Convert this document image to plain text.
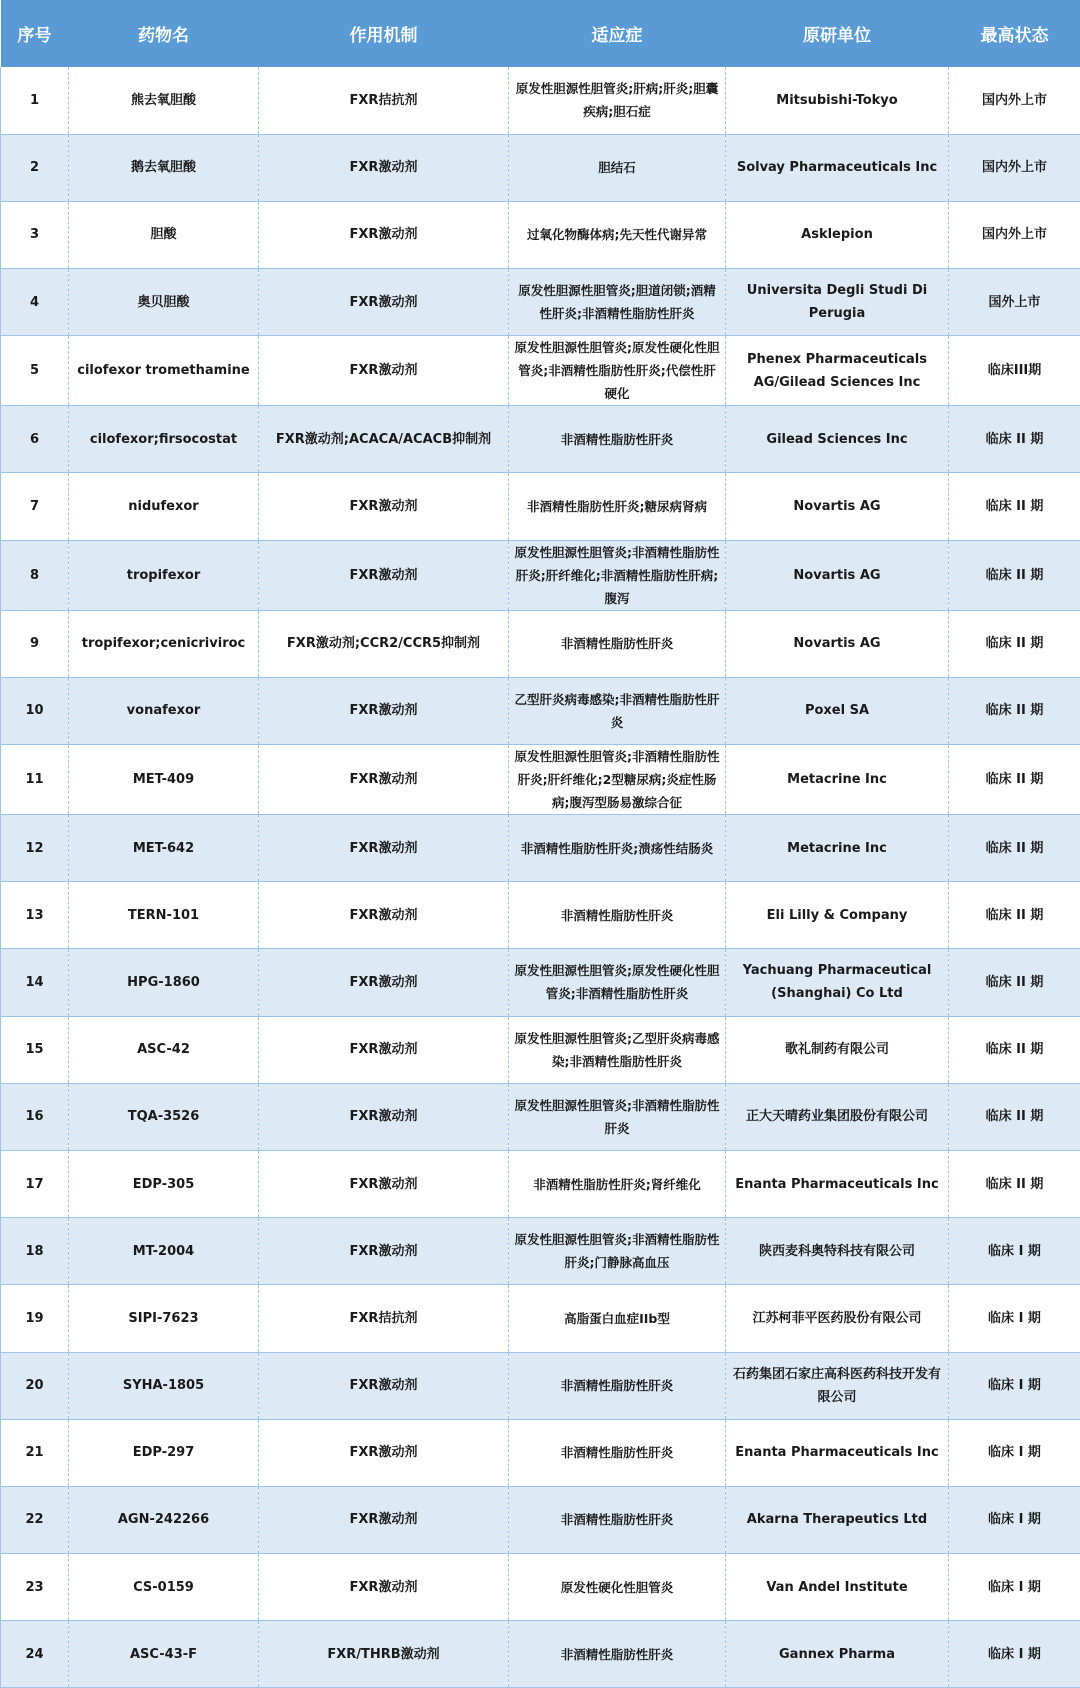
序号	药物名	作用机制	适应症	原研单位	最高状态
1	熊去氧胆酸	FXR拮抗剂	原发性胆源性胆管炎;肝病;肝炎;胆囊疾病;胆石症	Mitsubishi-Tokyo	国内外上市
2	鹅去氧胆酸	FXR激动剂	胆结石	Solvay Pharmaceuticals Inc	国内外上市
3	胆酸	FXR激动剂	过氧化物酶体病;先天性代谢异常	Asklepion	国内外上市
4	奥贝胆酸	FXR激动剂	原发性胆源性胆管炎;胆道闭锁;酒精性肝炎;非酒精性脂肪性肝炎	Universita Degli Studi Di Perugia	国外上市
5	cilofexor tromethamine	FXR激动剂	原发性胆源性胆管炎;原发性硬化性胆管炎;非酒精性脂肪性肝炎;代偿性肝硬化	Phenex Pharmaceuticals AG/Gilead Sciences Inc	临床III期
6	cilofexor;firsocostat	FXR激动剂;ACACA/ACACB抑制剂	非酒精性脂肪性肝炎	Gilead Sciences Inc	临床 II 期
7	nidufexor	FXR激动剂	非酒精性脂肪性肝炎;糖尿病肾病	Novartis AG	临床 II 期
8	tropifexor	FXR激动剂	原发性胆源性胆管炎;非酒精性脂肪性肝炎;肝纤维化;非酒精性脂肪性肝病;腹泻	Novartis AG	临床 II 期
9	tropifexor;cenicriviroc	FXR激动剂;CCR2/CCR5抑制剂	非酒精性脂肪性肝炎	Novartis AG	临床 II 期
10	vonafexor	FXR激动剂	乙型肝炎病毒感染;非酒精性脂肪性肝炎	Poxel SA	临床 II 期
11	MET-409	FXR激动剂	原发性胆源性胆管炎;非酒精性脂肪性肝炎;肝纤维化;2型糖尿病;炎症性肠病;腹泻型肠易激综合征	Metacrine Inc	临床 II 期
12	MET-642	FXR激动剂	非酒精性脂肪性肝炎;溃疡性结肠炎	Metacrine Inc	临床 II 期
13	TERN-101	FXR激动剂	非酒精性脂肪性肝炎	Eli Lilly & Company	临床 II 期
14	HPG-1860	FXR激动剂	原发性胆源性胆管炎;原发性硬化性胆管炎;非酒精性脂肪性肝炎	Yachuang Pharmaceutical (Shanghai) Co Ltd	临床 II 期
15	ASC-42	FXR激动剂	原发性胆源性胆管炎;乙型肝炎病毒感染;非酒精性脂肪性肝炎	歌礼制药有限公司	临床 II 期
16	TQA-3526	FXR激动剂	原发性胆源性胆管炎;非酒精性脂肪性肝炎	正大天晴药业集团股份有限公司	临床 II 期
17	EDP-305	FXR激动剂	非酒精性脂肪性肝炎;肾纤维化	Enanta Pharmaceuticals Inc	临床 II 期
18	MT-2004	FXR激动剂	原发性胆源性胆管炎;非酒精性脂肪性肝炎;门静脉高血压	陕西麦科奥特科技有限公司	临床 I 期
19	SIPI-7623	FXR拮抗剂	高脂蛋白血症IIb型	江苏柯菲平医药股份有限公司	临床 I 期
20	SYHA-1805	FXR激动剂	非酒精性脂肪性肝炎	石药集团石家庄高科医药科技开发有限公司	临床 I 期
21	EDP-297	FXR激动剂	非酒精性脂肪性肝炎	Enanta Pharmaceuticals Inc	临床 I 期
22	AGN-242266	FXR激动剂	非酒精性脂肪性肝炎	Akarna Therapeutics Ltd	临床 I 期
23	CS-0159	FXR激动剂	原发性硬化性胆管炎	Van Andel Institute	临床 I 期
24	ASC-43-F	FXR/THRB激动剂	非酒精性脂肪性肝炎	Gannex Pharma	临床 I 期
